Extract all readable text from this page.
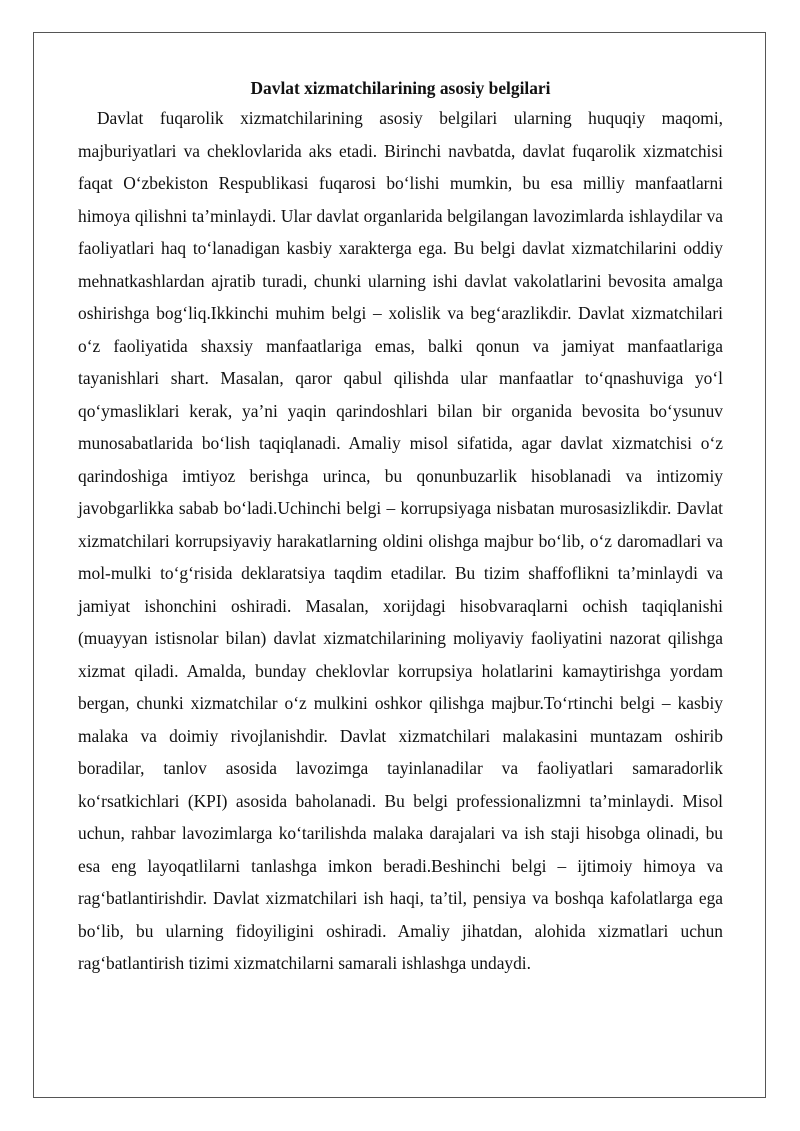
Davlat xizmatchilarining asosiy belgilari

Davlat fuqarolik xizmatchilarining asosiy belgilari ularning huquqiy maqomi, majburiyatlari va cheklovlarida aks etadi. Birinchi navbatda, davlat fuqarolik xizmatchisi faqat O‘zbekiston Respublikasi fuqarosi bo‘lishi mumkin, bu esa milliy manfaatlarni himoya qilishni ta’minlaydi. Ular davlat organlarida belgilangan lavozimlarda ishlaydilar va faoliyatlari haq to‘lanadigan kasbiy xarakterga ega. Bu belgi davlat xizmatchilarini oddiy mehnatkashlardan ajratib turadi, chunki ularning ishi davlat vakolatlarini bevosita amalga oshirishga bog‘liq.Ikkinchi muhim belgi – xolislik va beg‘arazlikdir. Davlat xizmatchilari o‘z faoliyatida shaxsiy manfaatlariga emas, balki qonun va jamiyat manfaatlariga tayanishlari shart. Masalan, qaror qabul qilishda ular manfaatlar to‘qnashuviga yo‘l qo‘ymasliklari kerak, ya’ni yaqin qarindoshlari bilan bir organida bevosita bo‘ysunuv munosabatlarida bo‘lish taqiqlanadi. Amaliy misol sifatida, agar davlat xizmatchisi o‘z qarindoshiga imtiyoz berishga urinca, bu qonunbuzarlik hisoblanadi va intizomiy javobgarlikka sabab bo‘ladi.Uchinchi belgi – korrupsiyaga nisbatan murosasizlikdir. Davlat xizmatchilari korrupsiyaviy harakatlarning oldini olishga majbur bo‘lib, o‘z daromadlari va mol-mulki to‘g‘risida deklaratsiya taqdim etadilar. Bu tizim shaffoflikni ta’minlaydi va jamiyat ishonchini oshiradi. Masalan, xorijdagi hisobvaraqlarni ochish taqiqlanishi (muayyan istisnolar bilan) davlat xizmatchilarining moliyaviy faoliyatini nazorat qilishga xizmat qiladi. Amalda, bunday cheklovlar korrupsiya holatlarini kamaytirishga yordam bergan, chunki xizmatchilar o‘z mulkini oshkor qilishga majbur.To‘rtinchi belgi – kasbiy malaka va doimiy rivojlanishdir. Davlat xizmatchilari malakasini muntazam oshirib boradilar, tanlov asosida lavozimga tayinlanadilar va faoliyatlari samaradorlik ko‘rsatkichlari (KPI) asosida baholanadi. Bu belgi professionalizmni ta’minlaydi. Misol uchun, rahbar lavozimlarga ko‘tarilishda malaka darajalari va ish staji hisobga olinadi, bu esa eng layoqatlilarni tanlashga imkon beradi.Beshinchi belgi – ijtimoiy himoya va rag‘batlantirishdir. Davlat xizmatchilari ish haqi, ta’til, pensiya va boshqa kafolatlarga ega bo‘lib, bu ularning fidoyiligini oshiradi. Amaliy jihatdan, alohida xizmatlari uchun rag‘batlantirish tizimi xizmatchilarni samarali ishlashga undaydi.
